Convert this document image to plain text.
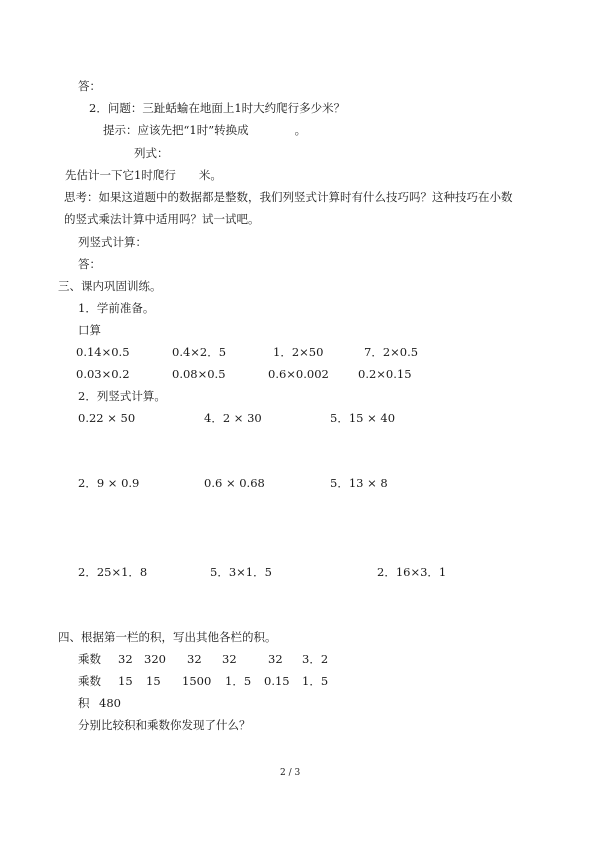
答：
2．问题：三趾蛞蝓在地面上1时大约爬行多少米？
提示：应该先把“1时”转换成　　　　。
列式：
先估计一下它1时爬行　　米。
思考：如果这道题中的数据都是整数，我们列竖式计算时有什么技巧吗？这种技巧在小数
的竖式乘法计算中适用吗？试一试吧。
列竖式计算：
答：
三、课内巩固训练。
1．学前准备。
口算
0.14×0.5	0.4×2．5	1．2×50	7．2×0.5
0.03×0.2	0.08×0.5	0.6×0.002	0.2×0.15
2．列竖式计算。
0.22 × 50	4．2 × 30	5．15 × 40
2．9 × 0.9	0.6 × 0.68	5．13 × 8
2．25×1．8	5．3×1．5	2．16×3．1
四、根据第一栏的积，写出其他各栏的积。
乘数 32 320 32 32	32 3．2
乘数 15 15 1500 1．5 0.15 1．5
积 480
分别比较积和乘数你发现了什么？
2 / 3
